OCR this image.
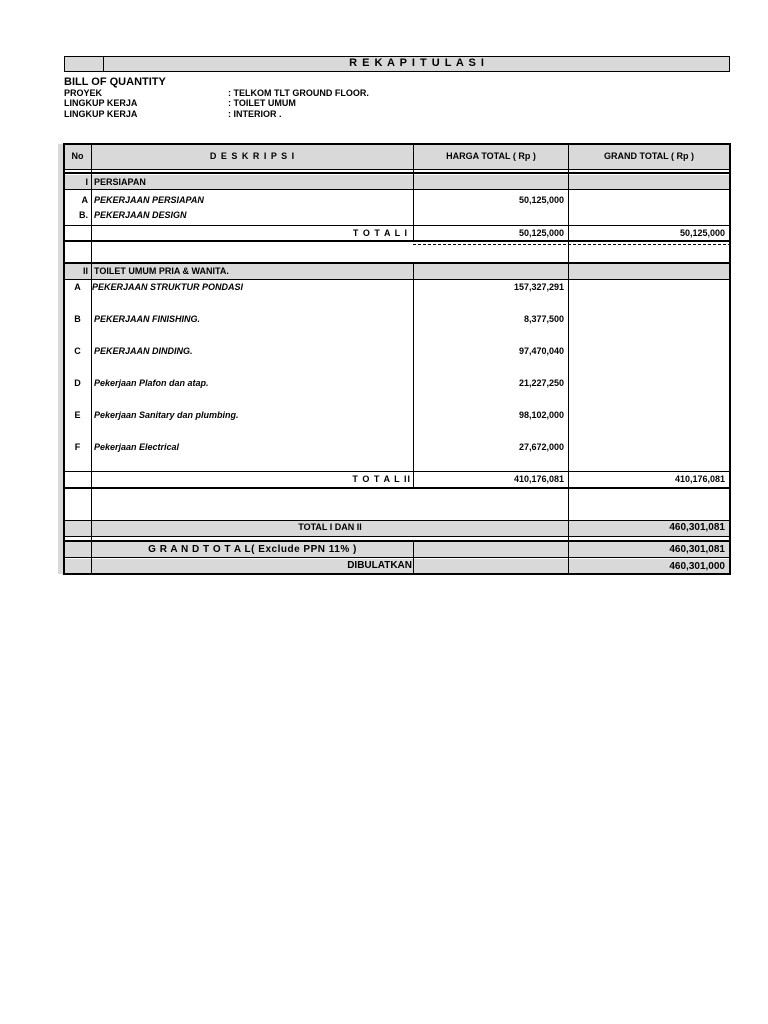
R E K A P I T U L A S I
BILL OF QUANTITY
PROYEK	: TELKOM TLT GROUND FLOOR.
LINGKUP KERJA	: TOILET UMUM
LINGKUP KERJA	: INTERIOR .
No	D E S K R I P S I	HARGA TOTAL ( Rp )	GRAND TOTAL ( Rp )
I PERSIAPAN
A PEKERJAAN PERSIAPAN	50,125,000
B. PEKERJAAN DESIGN
T O T A L I	50,125,000	50,125,000
II TOILET UMUM PRIA & WANITA.
A	PEKERJAAN STRUKTUR PONDASI	157,327,291
B	PEKERJAAN FINISHING.	8,377,500
C	PEKERJAAN DINDING.	97,470,040
D	Pekerjaan Plafon dan atap.	21,227,250
E	Pekerjaan Sanitary dan plumbing.	98,102,000
F	Pekerjaan Electrical	27,672,000
T O T A L II	410,176,081	410,176,081
TOTAL I DAN II	460,301,081
G R A N D T O T A L( Exclude PPN 11% )	460,301,081
DIBULATKAN	460,301,000
